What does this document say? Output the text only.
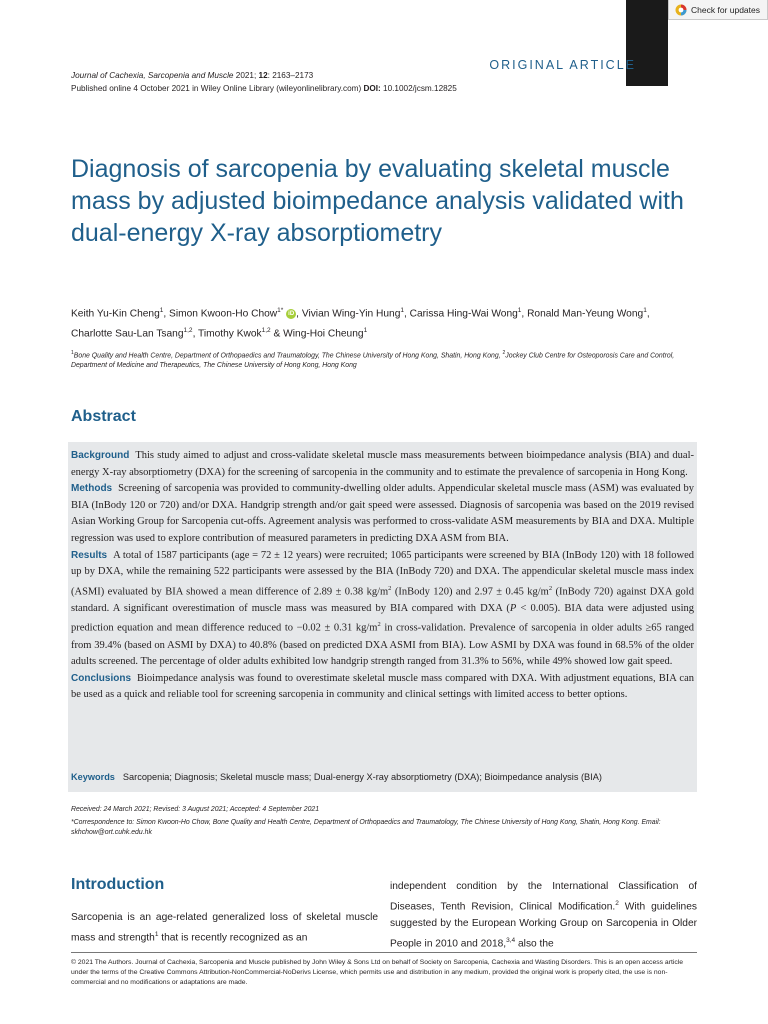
Check for updates
ORIGINAL ARTICLE
Journal of Cachexia, Sarcopenia and Muscle 2021; 12: 2163–2173
Published online 4 October 2021 in Wiley Online Library (wileyonlinelibrary.com) DOI: 10.1002/jcsm.12825
Diagnosis of sarcopenia by evaluating skeletal muscle mass by adjusted bioimpedance analysis validated with dual-energy X-ray absorptiometry
Keith Yu-Kin Cheng$^1$, Simon Kwoon-Ho Chow$^{1*}$ iD , Vivian Wing-Yin Hung$^1$, Carissa Hing-Wai Wong$^1$, Ronald Man-Yeung Wong$^1$, Charlotte Sau-Lan Tsang$^{1,2}$, Timothy Kwok$^{1,2}$ & Wing-Hoi Cheung$^1$
$^1$Bone Quality and Health Centre, Department of Orthopaedics and Traumatology, The Chinese University of Hong Kong, Shatin, Hong Kong, $^2$Jockey Club Centre for Osteoporosis Care and Control, Department of Medicine and Therapeutics, The Chinese University of Hong Kong, Hong Kong
Abstract

Background This study aimed to adjust and cross-validate skeletal muscle mass measurements between bioimpedance analysis (BIA) and dual-energy X-ray absorptiometry (DXA) for the screening of sarcopenia in the community and to estimate the prevalence of sarcopenia in Hong Kong.

Methods Screening of sarcopenia was provided to community-dwelling older adults. Appendicular skeletal muscle mass (ASM) was evaluated by BIA (InBody 120 or 720) and/or DXA. Handgrip strength and/or gait speed were assessed. Diagnosis of sarcopenia was based on the 2019 revised Asian Working Group for Sarcopenia cut-offs. Agreement analysis was performed to cross-validate ASM measurements by BIA and DXA. Multiple regression was used to explore contribution of measured parameters in predicting DXA ASM from BIA.

Results A total of 1587 participants (age = 72 ± 12 years) were recruited; 1065 participants were screened by BIA (InBody 120) with 18 followed up by DXA, while the remaining 522 participants were assessed by the BIA (InBody 720) and DXA. The appendicular skeletal muscle mass index (ASMI) evaluated by BIA showed a mean difference of 2.89 ± 0.38 kg/m$^2$ (InBody 120) and 2.97 ± 0.45 kg/m$^2$ (InBody 720) against DXA gold standard. A significant overestimation of muscle mass was measured by BIA compared with DXA (P < 0.005). BIA data were adjusted using prediction equation and mean difference reduced to −0.02 ± 0.31 kg/m$^2$ in cross-validation. Prevalence of sarcopenia in older adults ≥65 ranged from 39.4% (based on ASMI by DXA) to 40.8% (based on predicted DXA ASMI from BIA). Low ASMI by DXA was found in 68.5% of the older adults screened. The percentage of older adults exhibited low handgrip strength ranged from 31.3% to 56%, while 49% showed low gait speed.

Conclusions Bioimpedance analysis was found to overestimate skeletal muscle mass compared with DXA. With adjustment equations, BIA can be used as a quick and reliable tool for screening sarcopenia in community and clinical settings with limited access to better options.

Keywords Sarcopenia; Diagnosis; Skeletal muscle mass; Dual-energy X-ray absorptiometry (DXA); Bioimpedance analysis (BIA)
Received: 24 March 2021; Revised: 3 August 2021; Accepted: 4 September 2021
*Correspondence to: Simon Kwoon-Ho Chow, Bone Quality and Health Centre, Department of Orthopaedics and Traumatology, The Chinese University of Hong Kong, Shatin, Hong Kong. Email: skhchow@ort.cuhk.edu.hk
Introduction
Sarcopenia is an age-related generalized loss of skeletal muscle mass and strength$^1$ that is recently recognized as an
independent condition by the International Classification of Diseases, Tenth Revision, Clinical Modification.$^2$ With guidelines suggested by the European Working Group on Sarcopenia in Older People in 2010 and 2018,$^{3,4}$ also the
© 2021 The Authors. Journal of Cachexia, Sarcopenia and Muscle published by John Wiley & Sons Ltd on behalf of Society on Sarcopenia, Cachexia and Wasting Disorders. This is an open access article under the terms of the Creative Commons Attribution-NonCommercial-NoDerivs License, which permits use and distribution in any medium, provided the original work is properly cited, the use is non-commercial and no modifications or adaptations are made.
